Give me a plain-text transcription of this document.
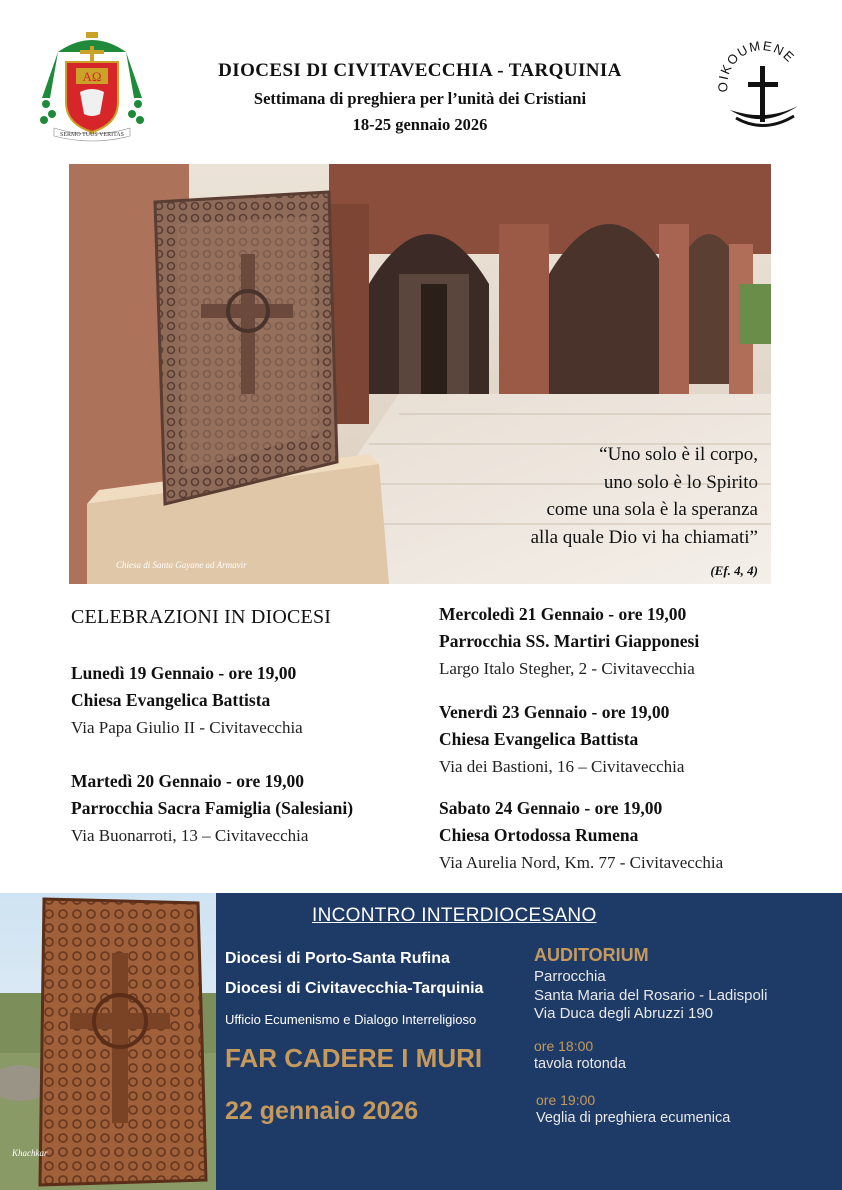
AΩ
SERMO TUUS VERITAS
DIOCESI DI CIVITAVECCHIA - TARQUINIA
Settimana di preghiera per l’unità dei Cristiani
18-25 gennaio 2026
KOUMENE
Chiesa di Santa Gayane ad Armavir
“Uno solo è il corpo,
uno solo è lo Spirito
come una sola è la speranza
alla quale Dio vi ha chiamati”
(Ef. 4, 4)
CELEBRAZIONI IN DIOCESI
Lunedì 19 Gennaio - ore 19,00
Chiesa Evangelica Battista
Via Papa Giulio II - Civitavecchia
Martedì 20 Gennaio - ore 19,00
Parrocchia Sacra Famiglia (Salesiani)
Via Buonarroti, 13 – Civitavecchia
Mercoledì 21 Gennaio - ore 19,00
Parrocchia SS. Martiri Giapponesi
Largo Italo Stegher, 2 - Civitavecchia
Venerdì 23 Gennaio - ore 19,00
Chiesa Evangelica Battista
Via dei Bastioni, 16 – Civitavecchia
Sabato 24 Gennaio - ore 19,00
Chiesa Ortodossa Rumena
Via Aurelia Nord, Km. 77 - Civitavecchia
Khachkar
INCONTRO INTERDIOCESANO
Diocesi di Porto-Santa Rufina
Diocesi di Civitavecchia-Tarquinia
Ufficio Ecumenismo e Dialogo Interreligioso
FAR CADERE I MURI
22 gennaio 2026
AUDITORIUM
Parrocchia
Santa Maria del Rosario - Ladispoli
Via Duca degli Abruzzi 190
ore 18:00
tavola rotonda
ore 19:00
Veglia di preghiera ecumenica
